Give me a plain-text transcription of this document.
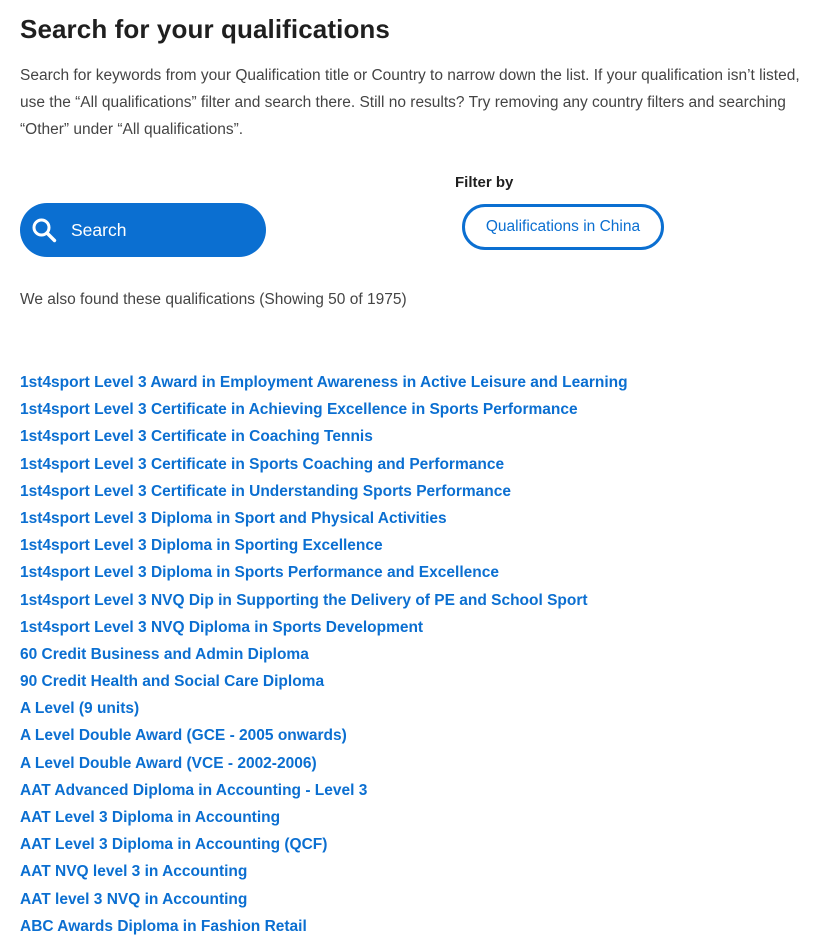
Search for your qualifications

Search for keywords from your Qualification title or Country to narrow down the list. If your qualification isn’t listed, use the “All qualifications” filter and search there. Still no results? Try removing any country filters and searching “Other” under “All qualifications”.

Filter by
Search	Qualifications in China

We also found these qualifications (Showing 50 of 1975)

1st4sport Level 3 Award in Employment Awareness in Active Leisure and Learning
1st4sport Level 3 Certificate in Achieving Excellence in Sports Performance
1st4sport Level 3 Certificate in Coaching Tennis
1st4sport Level 3 Certificate in Sports Coaching and Performance
1st4sport Level 3 Certificate in Understanding Sports Performance
1st4sport Level 3 Diploma in Sport and Physical Activities
1st4sport Level 3 Diploma in Sporting Excellence
1st4sport Level 3 Diploma in Sports Performance and Excellence
1st4sport Level 3 NVQ Dip in Supporting the Delivery of PE and School Sport
1st4sport Level 3 NVQ Diploma in Sports Development
60 Credit Business and Admin Diploma
90 Credit Health and Social Care Diploma
A Level (9 units)
A Level Double Award (GCE - 2005 onwards)
A Level Double Award (VCE - 2002-2006)
AAT Advanced Diploma in Accounting - Level 3
AAT Level 3 Diploma in Accounting
AAT Level 3 Diploma in Accounting (QCF)
AAT NVQ level 3 in Accounting
AAT level 3 NVQ in Accounting
ABC Awards Diploma in Fashion Retail
